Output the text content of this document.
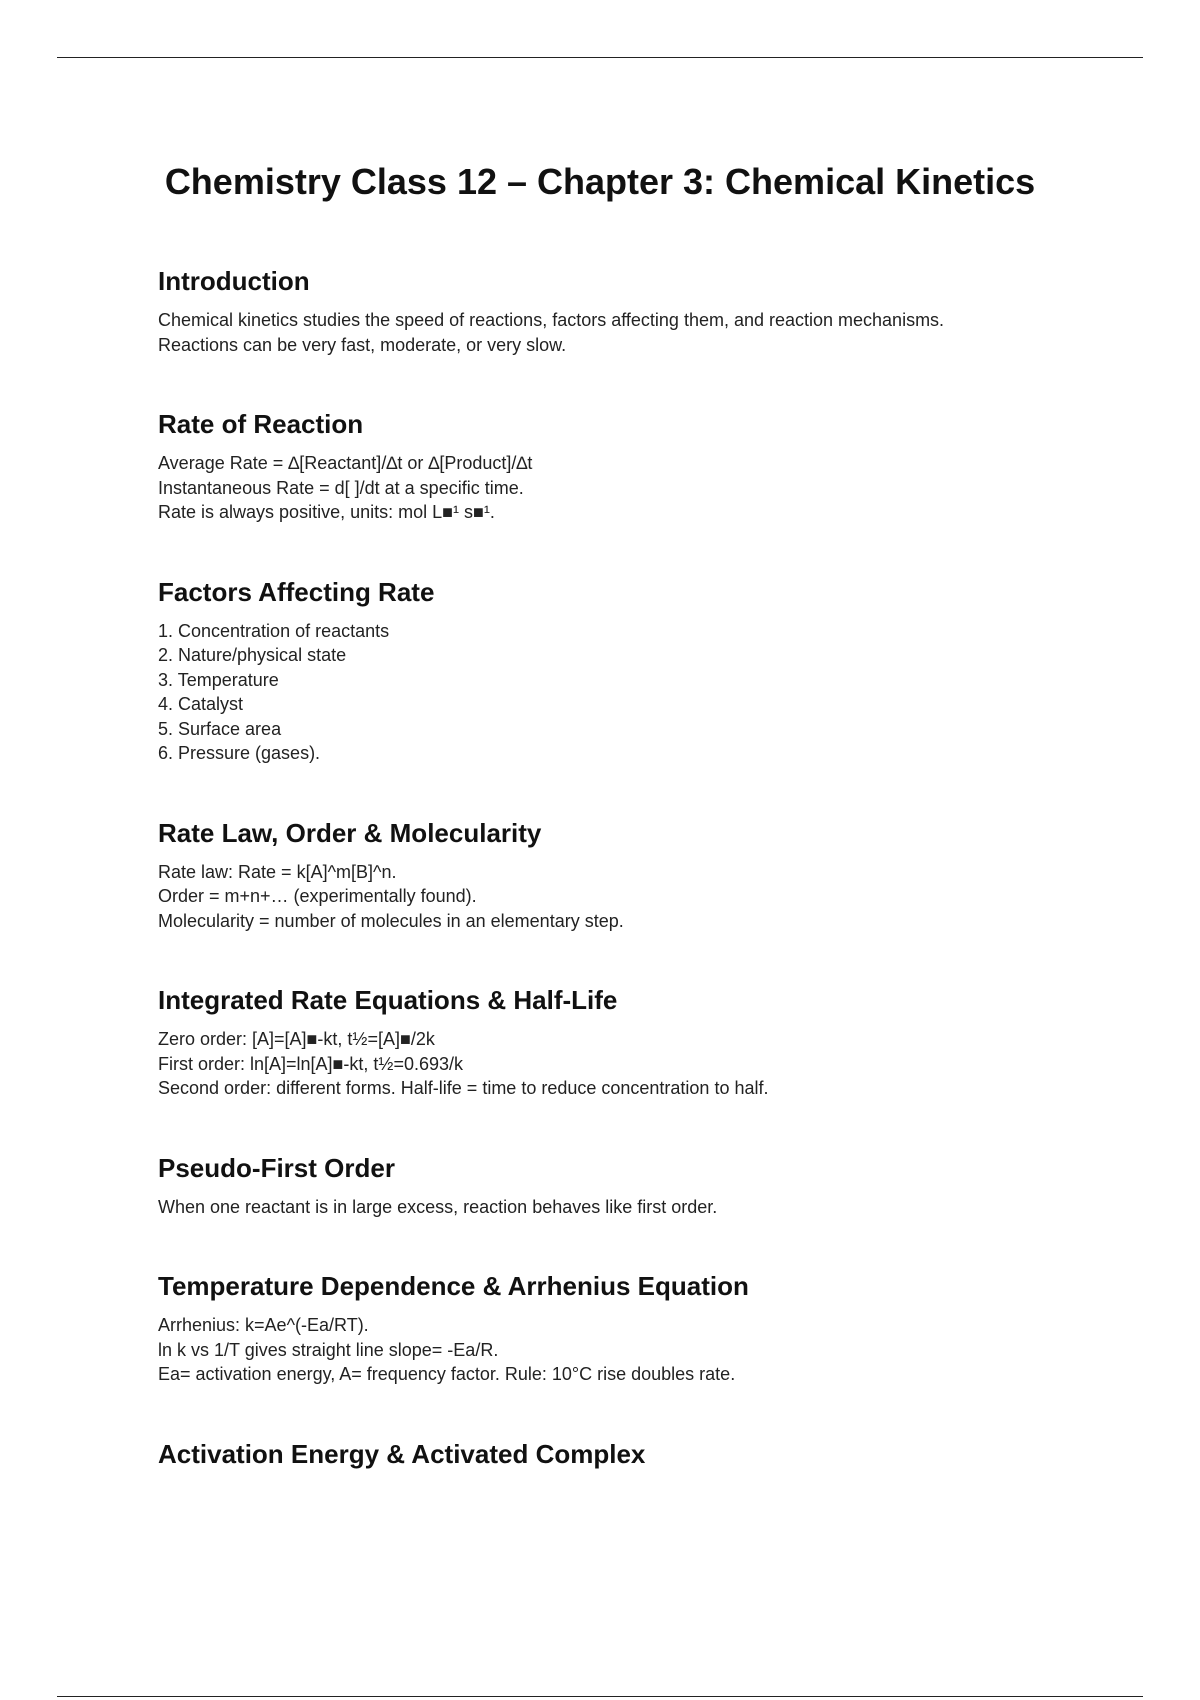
Chemistry Class 12 – Chapter 3: Chemical Kinetics
Introduction
Chemical kinetics studies the speed of reactions, factors affecting them, and reaction mechanisms.
Reactions can be very fast, moderate, or very slow.
Rate of Reaction
Average Rate = ∆[Reactant]/∆t or ∆[Product]/∆t
Instantaneous Rate = d[ ]/dt at a specific time.
Rate is always positive, units: mol L■¹ s■¹.
Factors Affecting Rate
1. Concentration of reactants
2. Nature/physical state
3. Temperature
4. Catalyst
5. Surface area
6. Pressure (gases).
Rate Law, Order & Molecularity
Rate law: Rate = k[A]^m[B]^n.
Order = m+n+… (experimentally found).
Molecularity = number of molecules in an elementary step.
Integrated Rate Equations & Half-Life
Zero order: [A]=[A]■-kt, t½=[A]■/2k
First order: ln[A]=ln[A]■-kt, t½=0.693/k
Second order: different forms. Half-life = time to reduce concentration to half.
Pseudo-First Order
When one reactant is in large excess, reaction behaves like first order.
Temperature Dependence & Arrhenius Equation
Arrhenius: k=Ae^(-Ea/RT).
ln k vs 1/T gives straight line slope= -Ea/R.
Ea= activation energy, A= frequency factor. Rule: 10°C rise doubles rate.
Activation Energy & Activated Complex
